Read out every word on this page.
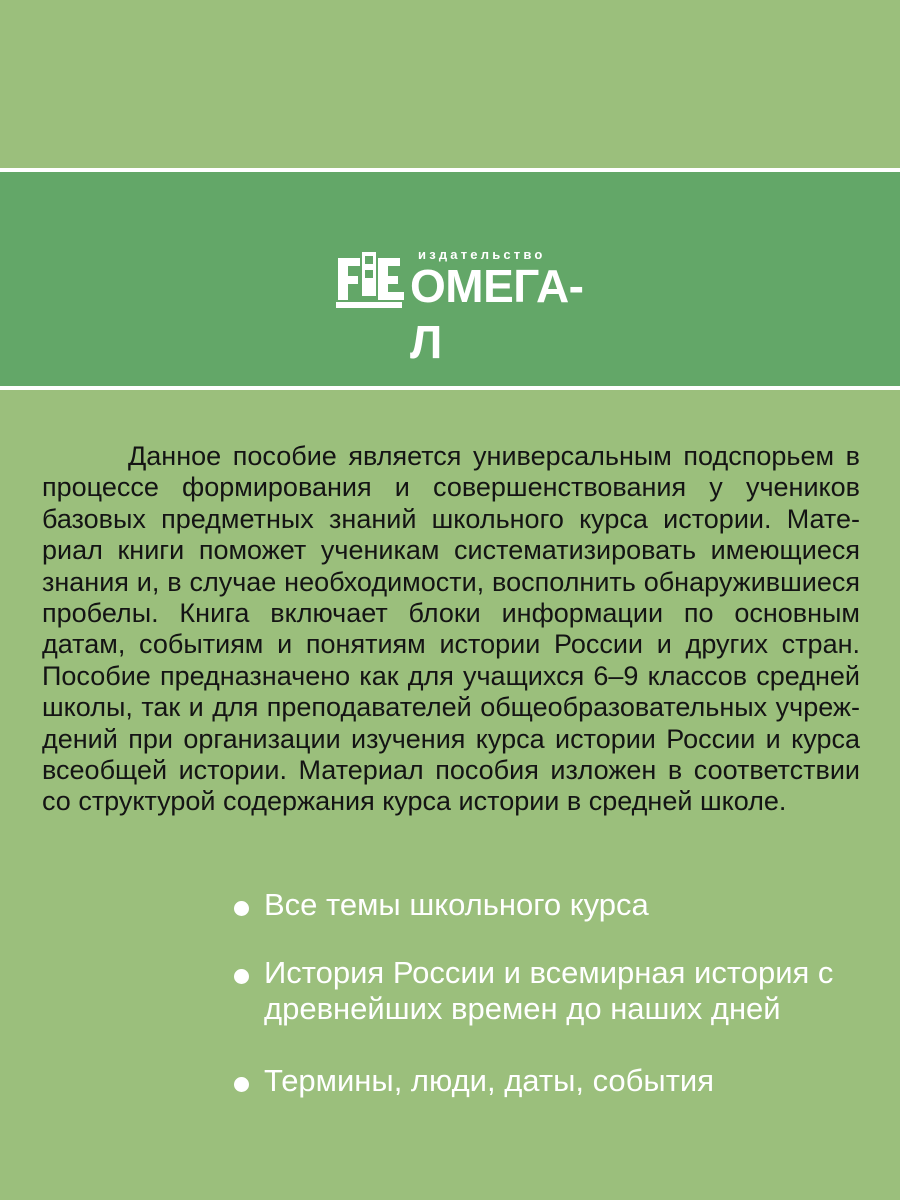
издательство
ОМЕГА-Л

Данное пособие является универсальным подспорьем в процессе формирования и совершенствования у учеников базовых предметных знаний школьного курса истории. Материал книги поможет ученикам систематизировать имеющиеся знания и, в случае необходимости, восполнить обнаружившиеся пробелы. Книга включает блоки информации по основным датам, событиям и понятиям истории России и других стран. Пособие предназначено как для учащихся 6–9 классов средней школы, так и для преподавателей общеобразовательных учреждений при организации изучения курса истории России и курса всеобщей истории. Материал пособия изложен в соответствии со структурой содержания курса истории в средней школе.

Все темы школьного курса
История России и всемирная история с древнейших времен до наших дней
Термины, люди, даты, события
